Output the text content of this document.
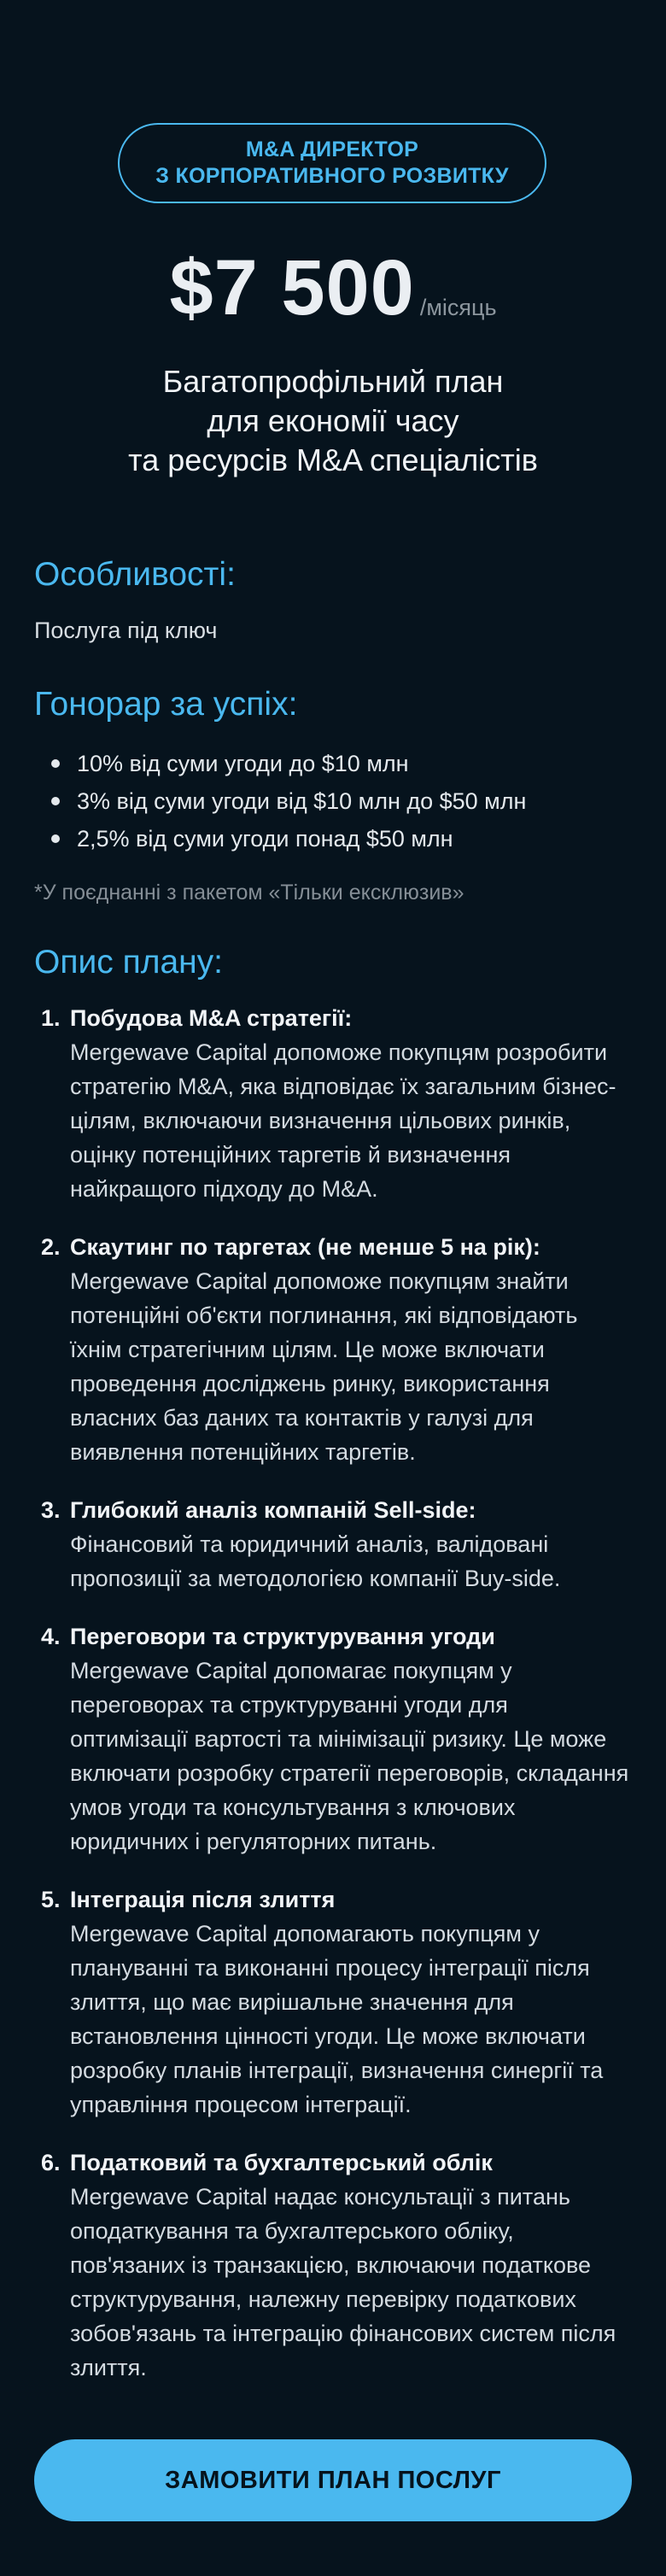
M&A ДИРЕКТОР
З КОРПОРАТИВНОГО РОЗВИТКУ
$7 500 /місяць
Багатопрофільний план
для економії часу
та ресурсів M&A спеціалістів
Особливості:
Послуга під ключ
Гонорар за успіх:
10% від суми угоди до $10 млн
3% від суми угоди від $10 млн до $50 млн
2,5% від суми угоди понад $50 млн
*У поєднанні з пакетом «Тільки ексклюзив»
Опис плану:
1. Побудова M&A стратегії:
Mergewave Capital допоможе покупцям розробити стратегію M&A, яка відповідає їх загальним бізнес-цілям, включаючи визначення цільових ринків, оцінку потенційних таргетів й визначення найкращого підходу до M&A.
2. Скаутинг по таргетах (не менше 5 на рік):
Mergewave Capital допоможе покупцям знайти потенційні об'єкти поглинання, які відповідають їхнім стратегічним цілям. Це може включати проведення досліджень ринку, використання власних баз даних та контактів у галузі для виявлення потенційних таргетів.
3. Глибокий аналіз компаній Sell-side:
Фінансовий та юридичний аналіз, валідовані пропозиції за методологією компанії Buy-side.
4. Переговори та структурування угоди
Mergewave Capital допомагає покупцям у переговорах та структуруванні угоди для оптимізації вартості та мінімізації ризику. Це може включати розробку стратегії переговорів, складання умов угоди та консультування з ключових юридичних і регуляторних питань.
5. Інтеграція після злиття
Mergewave Capital допомагають покупцям у плануванні та виконанні процесу інтеграції після злиття, що має вирішальне значення для встановлення цінності угоди. Це може включати розробку планів інтеграції, визначення синергії та управління процесом інтеграції.
6. Податковий та бухгалтерський облік
Mergewave Capital надає консультації з питань оподаткування та бухгалтерського обліку, пов'язаних із транзакцією, включаючи податкове структурування, належну перевірку податкових зобов'язань та інтеграцію фінансових систем після злиття.
ЗАМОВИТИ ПЛАН ПОСЛУГ
